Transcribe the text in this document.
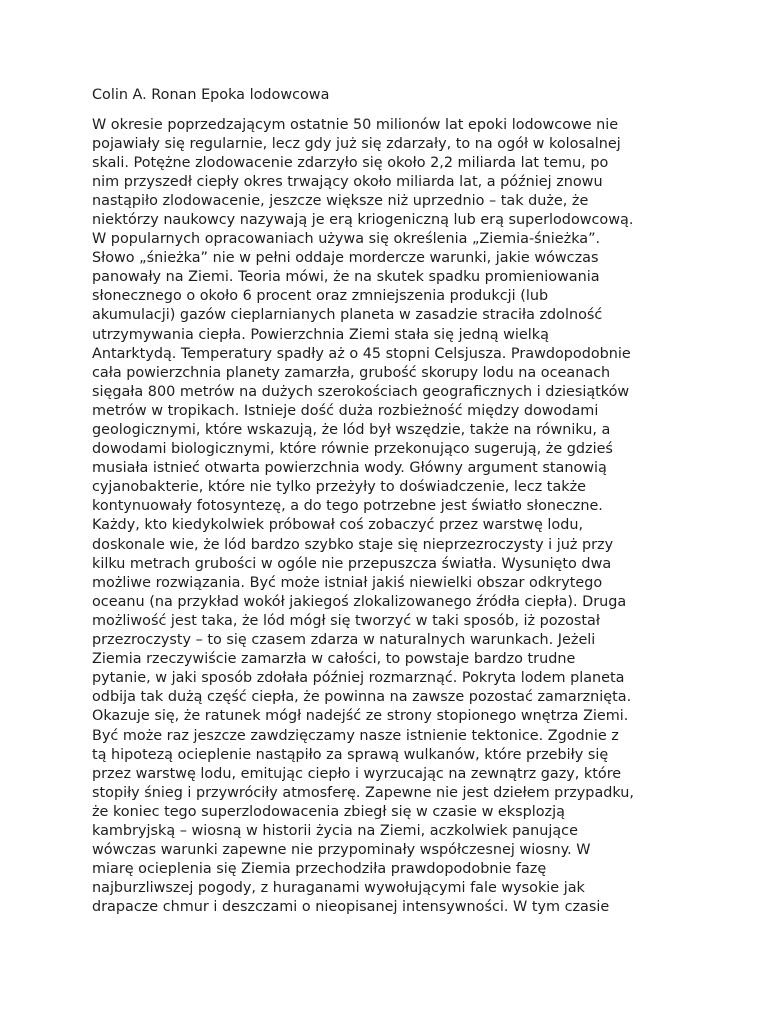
Colin A. Ronan Epoka lodowcowa
W okresie poprzedzającym ostatnie 50 milionów lat epoki lodowcowe nie
pojawiały się regularnie, lecz gdy już się zdarzały, to na ogół w kolosalnej
skali. Potężne zlodowacenie zdarzyło się około 2,2 miliarda lat temu, po
nim przyszedł ciepły okres trwający około miliarda lat, a później znowu
nastąpiło zlodowacenie, jeszcze większe niż uprzednio – tak duże, że
niektórzy naukowcy nazywają je erą kriogeniczną lub erą superlodowcową.
W popularnych opracowaniach używa się określenia „Ziemia-śnieżka”.
Słowo „śnieżka” nie w pełni oddaje mordercze warunki, jakie wówczas
panowały na Ziemi. Teoria mówi, że na skutek spadku promieniowania
słonecznego o około 6 procent oraz zmniejszenia produkcji (lub
akumulacji) gazów cieplarnianych planeta w zasadzie straciła zdolność
utrzymywania ciepła. Powierzchnia Ziemi stała się jedną wielką
Antarktydą. Temperatury spadły aż o 45 stopni Celsjusza. Prawdopodobnie
cała powierzchnia planety zamarzła, grubość skorupy lodu na oceanach
sięgała 800 metrów na dużych szerokościach geograficznych i dziesiątków
metrów w tropikach. Istnieje dość duża rozbieżność między dowodami
geologicznymi, które wskazują, że lód był wszędzie, także na równiku, a
dowodami biologicznymi, które równie przekonująco sugerują, że gdzieś
musiała istnieć otwarta powierzchnia wody. Główny argument stanowią
cyjanobakterie, które nie tylko przeżyły to doświadczenie, lecz także
kontynuowały fotosyntezę, a do tego potrzebne jest światło słoneczne.
Każdy, kto kiedykolwiek próbował coś zobaczyć przez warstwę lodu,
doskonale wie, że lód bardzo szybko staje się nieprzezroczysty i już przy
kilku metrach grubości w ogóle nie przepuszcza światła. Wysunięto dwa
możliwe rozwiązania. Być może istniał jakiś niewielki obszar odkrytego
oceanu (na przykład wokół jakiegoś zlokalizowanego źródła ciepła). Druga
możliwość jest taka, że lód mógł się tworzyć w taki sposób, iż pozostał
przezroczysty – to się czasem zdarza w naturalnych warunkach. Jeżeli
Ziemia rzeczywiście zamarzła w całości, to powstaje bardzo trudne
pytanie, w jaki sposób zdołała później rozmarznąć. Pokryta lodem planeta
odbija tak dużą część ciepła, że powinna na zawsze pozostać zamarznięta.
Okazuje się, że ratunek mógł nadejść ze strony stopionego wnętrza Ziemi.
Być może raz jeszcze zawdzięczamy nasze istnienie tektonice. Zgodnie z
tą hipotezą ocieplenie nastąpiło za sprawą wulkanów, które przebiły się
przez warstwę lodu, emitując ciepło i wyrzucając na zewnątrz gazy, które
stopiły śnieg i przywróciły atmosferę. Zapewne nie jest dziełem przypadku,
że koniec tego superzlodowacenia zbiegł się w czasie w eksplozją
kambryjską – wiosną w historii życia na Ziemi, aczkolwiek panujące
wówczas warunki zapewne nie przypominały współczesnej wiosny. W
miarę ocieplenia się Ziemia przechodziła prawdopodobnie fazę
najburzliwszej pogody, z huraganami wywołującymi fale wysokie jak
drapacze chmur i deszczami o nieopisanej intensywności. W tym czasie
